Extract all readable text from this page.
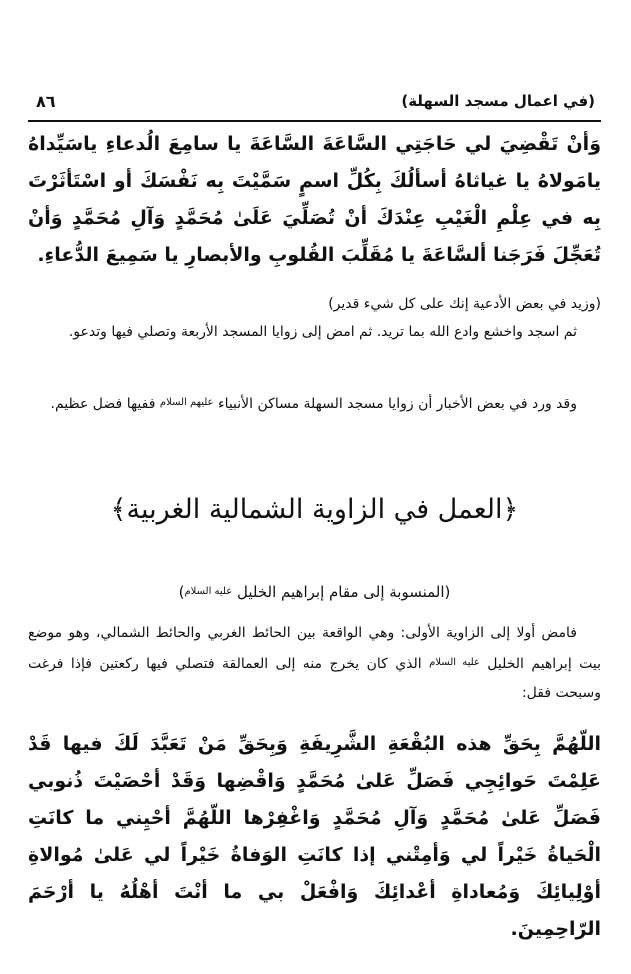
(في اعمال مسجد السهلة)
٨٦

وَأنْ تَقْضِيَ لي حَاجَتِي السَّاعَةَ السَّاعَةَ يا سامِعَ الُدعاءِ ياسَيِّداهُ يامَولاهُ يا غياثاهُ أسألُكَ بِكُلِّ اسمٍ سَمَّيْتَ بِه نَفْسَكَ أو اسْتَأثَرْتَ بِه في عِلْمِ الْغَيْبِ عِنْدَكَ أنْ تُصَلِّيَ عَلَىٰ مُحَمَّدٍ وَآلِ مُحَمَّدٍ وَأنْ تُعَجِّلَ فَرَجَنا ألسَّاعَةَ يا مُقَلِّبَ القُلوبِ والأبصارِ يا سَمِيعَ الدُّعاءِ.

(وزيد في بعض الأدعية إنك على كل شيء قدير)

ثم اسجد واخشع وادع الله بما تريد. ثم امض إلى زوايا المسجد الأربعة وتصلي فيها وتدعو.

وقد ورد في بعض الأخبار أن زوايا مسجد السهلة مساكن الأنبياء $^{عليهم السلام}$ ففيها فضل عظيم.

﴿العمل في الزاوية الشمالية الغربية﴾
(المنسوبة إلى مقام إبراهيم الخليل $^{عليه السلام}$)

فامض أولا إلى الزاوية الأولى: وهي الواقعة بين الحائط الغربي والحائط الشمالي، وهو موضع بيت إبراهيم الخليل $^{عليه السلام}$ الذي كان يخرج منه إلى العمالقة فتصلي فيها ركعتين فإذا فرغت وسبحت فقل:

اللّهُمَّ بِحَقِّ هذه البُقْعَةِ الشَّرِيفَةِ وَبِحَقِّ مَنْ تَعَبَّدَ لَكَ فيها قَدْ عَلِمْتَ حَوائِجِي فَصَلِّ عَلىٰ مُحَمَّدٍ وَاقْضِها وَقَدْ أحْصَيْتَ ذُنوبي فَصَلِّ عَلىٰ مُحَمَّدٍ وَآلِ مُحَمَّدٍ وَاغْفِرْها اللّهُمَّ أحْيِني ما كانَتِ الْحَياةُ خَيْراً لي وَأمِتْني إذا كانَتِ الوَفاةُ خَيْراً لي عَلىٰ مُوالاةِ أوْلِيائِكَ وَمُعاداةِ أعْدائِكَ وَافْعَلْ بي ما أنْتَ أهْلُهُ يا أرْحَمَ الرّاحِمِينَ.
